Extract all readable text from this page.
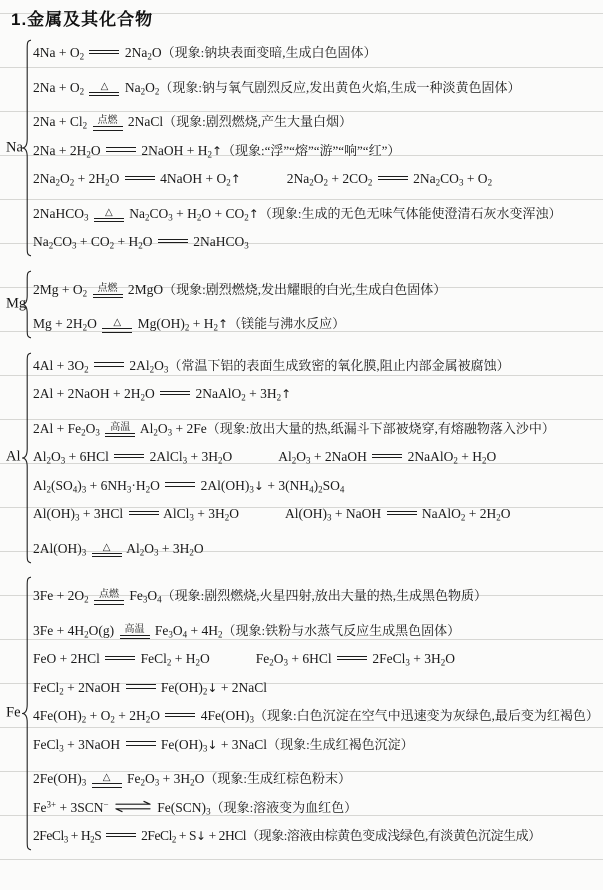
1.金属及其化合物
Na
$4Na + O_2$	$2Na_2O$（现象:钠块表面变暗,生成白色固体）
$2Na + O_2$ △ $Na_2O_2$（现象:钠与氧气剧烈反应,发出黄色火焰,生成一种淡黄色固体）
$2Na + Cl_2$ 点燃 2NaCl（现象:剧烈燃烧,产生大量白烟）
$2Na + 2H_2O$	2NaOH + $H_2↑$（现象:“浮”“熔”“游”“响”“红”）
$2Na_2O_2 + 2H_2O$	4NaOH + $O_2↑$	$2Na_2O_2 + 2CO_2$	$2Na_2CO_3 + O_2$
2NaHCO$_3$ △ $Na_2CO_3 + H_2O$ + $CO_2↑$（现象:生成的无色无味气体能使澄清石灰水变浑浊）
$Na_2CO_3 + CO_2 + H_2O$	2NaHCO$_3$
Mg
$2Mg + O_2$ 点燃 2MgO（现象:剧烈燃烧,发出耀眼的白光,生成白色固体）
$Mg + 2H_2O$ △ $Mg(OH)_2$ + $H_2↑$（镁能与沸水反应）
Al
$4Al + 3O_2$	$2Al_2O_3$（常温下铝的表面生成致密的氧化膜,阻止内部金属被腐蚀）
2Al + 2NaOH + $2H_2O$	2NaAlO$_2$ + $3H_2↑$
$2Al + Fe_2O_3$ 高温 $Al_2O_3 + 2Fe$（现象:放出大量的热,纸漏斗下部被烧穿,有熔融物落入沙中）
$Al_2O_3 + 6HCl$	2AlCl$_3$ + $3H_2O$	$Al_2O_3$ + 2NaOH	2NaAlO$_2$ + $H_2O$
$Al_2(SO_4)_3 + 6NH_3\cdot H_2O$	$2Al(OH)_3↓ + 3(NH_4)_2SO_4$
$Al(OH)_3 + 3HCl$	AlCl$_3$ + $3H_2O$	$Al(OH)_3$ + NaOH	NaAlO$_2$ + $2H_2O$
$2Al(OH)_3$ △ $Al_2O_3 + 3H_2O$
Fe
$3Fe + 2O_2$ 点燃 $Fe_3O_4$（现象:剧烈燃烧,火星四射,放出大量的热,生成黑色物质）
$3Fe + 4H_2O(g)$ 高温 $Fe_3O_4 + 4H_2$（现象:铁粉与水蒸气反应生成黑色固体）
FeO + 2HCl	FeCl$_2$ + $H_2O$	$Fe_2O_3 + 6HCl$	2FeCl$_3$ + $3H_2O$
FeCl$_2$ + 2NaOH	$Fe(OH)_2↓$ + 2NaCl
$4Fe(OH)_2 + O_2 + 2H_2O$	$4Fe(OH)_3$（现象:白色沉淀在空气中迅速变为灰绿色,最后变为红褐色）
FeCl$_3$ + 3NaOH	$Fe(OH)_3↓$ + 3NaCl（现象:生成红褐色沉淀）
$2Fe(OH)_3$ △ $Fe_2O_3 + 3H_2O$（现象:生成红棕色粉末）
$Fe^{3+} + 3SCN^-$ ⇌ $Fe(SCN)_3$（现象:溶液变为血红色）
2FeCl$_3$ + $H_2S$	2FeCl$_2$ + S↓ + 2HCl（现象:溶液由棕黄色变成浅绿色,有淡黄色沉淀生成）
